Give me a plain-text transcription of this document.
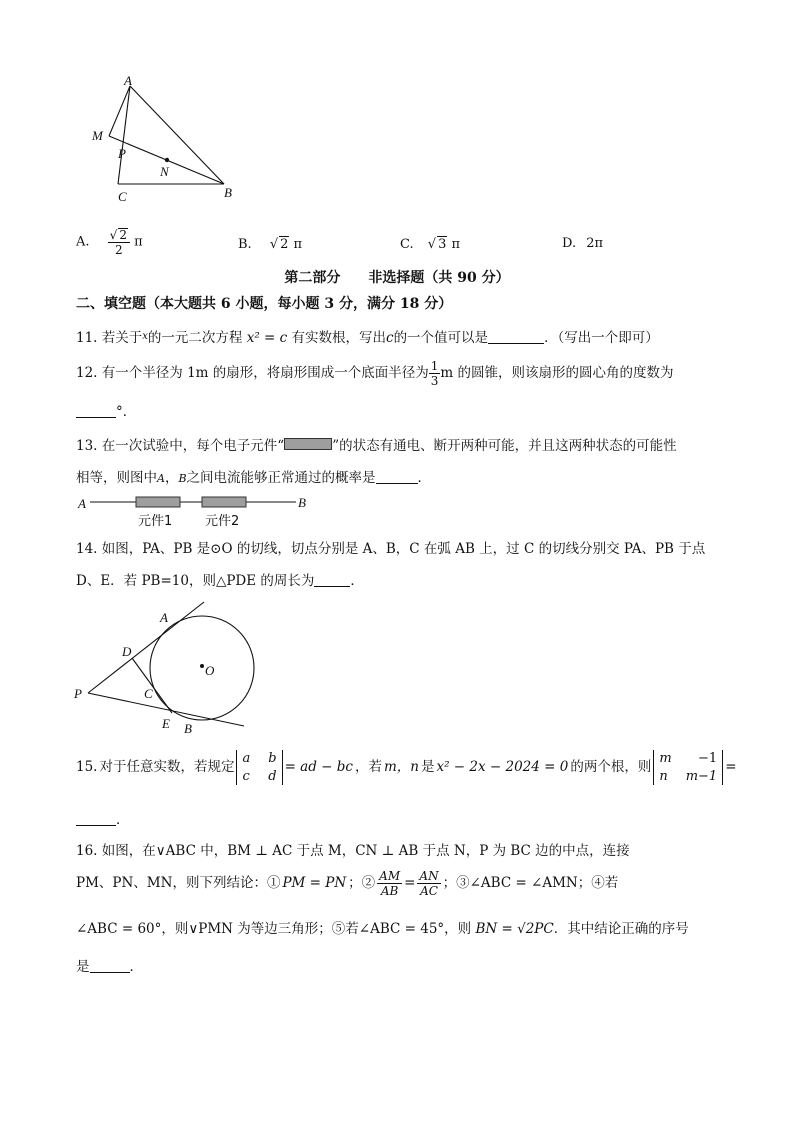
A
M
P
N
C	B
A. $\frac{√ 2}{2}$ π	B. √ 2 π	C. √ 3 π	D. 2π
第二部分　　非选择题（共 90 分）
二、填空题（本大题共 6 小题，每小题 3 分，满分 18 分）
11. 若关于$^x$的一元二次方程 x² = c 有实数根，写出c的一个值可以是	．（写出一个即可）
12. 有一个半径为 1m 的扇形，将扇形围成一个底面半径为 $\frac{1}{3}$ m 的圆锥，则该扇形的圆心角的度数为
°．
13. 在一次试验中，每个电子元件“	”的状态有通电、断开两种可能，并且这两种状态的可能性
相等，则图中A，B之间电流能够正常通过的概率是	．
A	B
元件1	元件2
14. 如图，PA、PB 是⊙O 的切线，切点分别是 A、B，C 在弧 AB 上，过 C 的切线分别交 PA、PB 于点
D、E．若 PB=10，则△PDE 的周长为	．
A
D
O
P	C
E B
15. 对于任意实数，若规定
a b
c d
= ad − bc ，若 m，n 是 x² − 2x − 2024 = 0 的两个根，则
m −1
n m−1
=
．
16. 如图，在∨ABC 中，BM ⊥ AC 于点 M，CN ⊥ AB 于点 N，P 为 BC 边的中点，连接
PM、PN、MN，则下列结论：① PM = PN ；② $\frac{AM}{AB} = \frac{AN}{AC}$ ；③∠ABC = ∠AMN；④若
∠ABC = 60°，则∨PMN 为等边三角形；⑤若∠ABC = 45°，则 BN = √2PC．其中结论正确的序号
是	．
